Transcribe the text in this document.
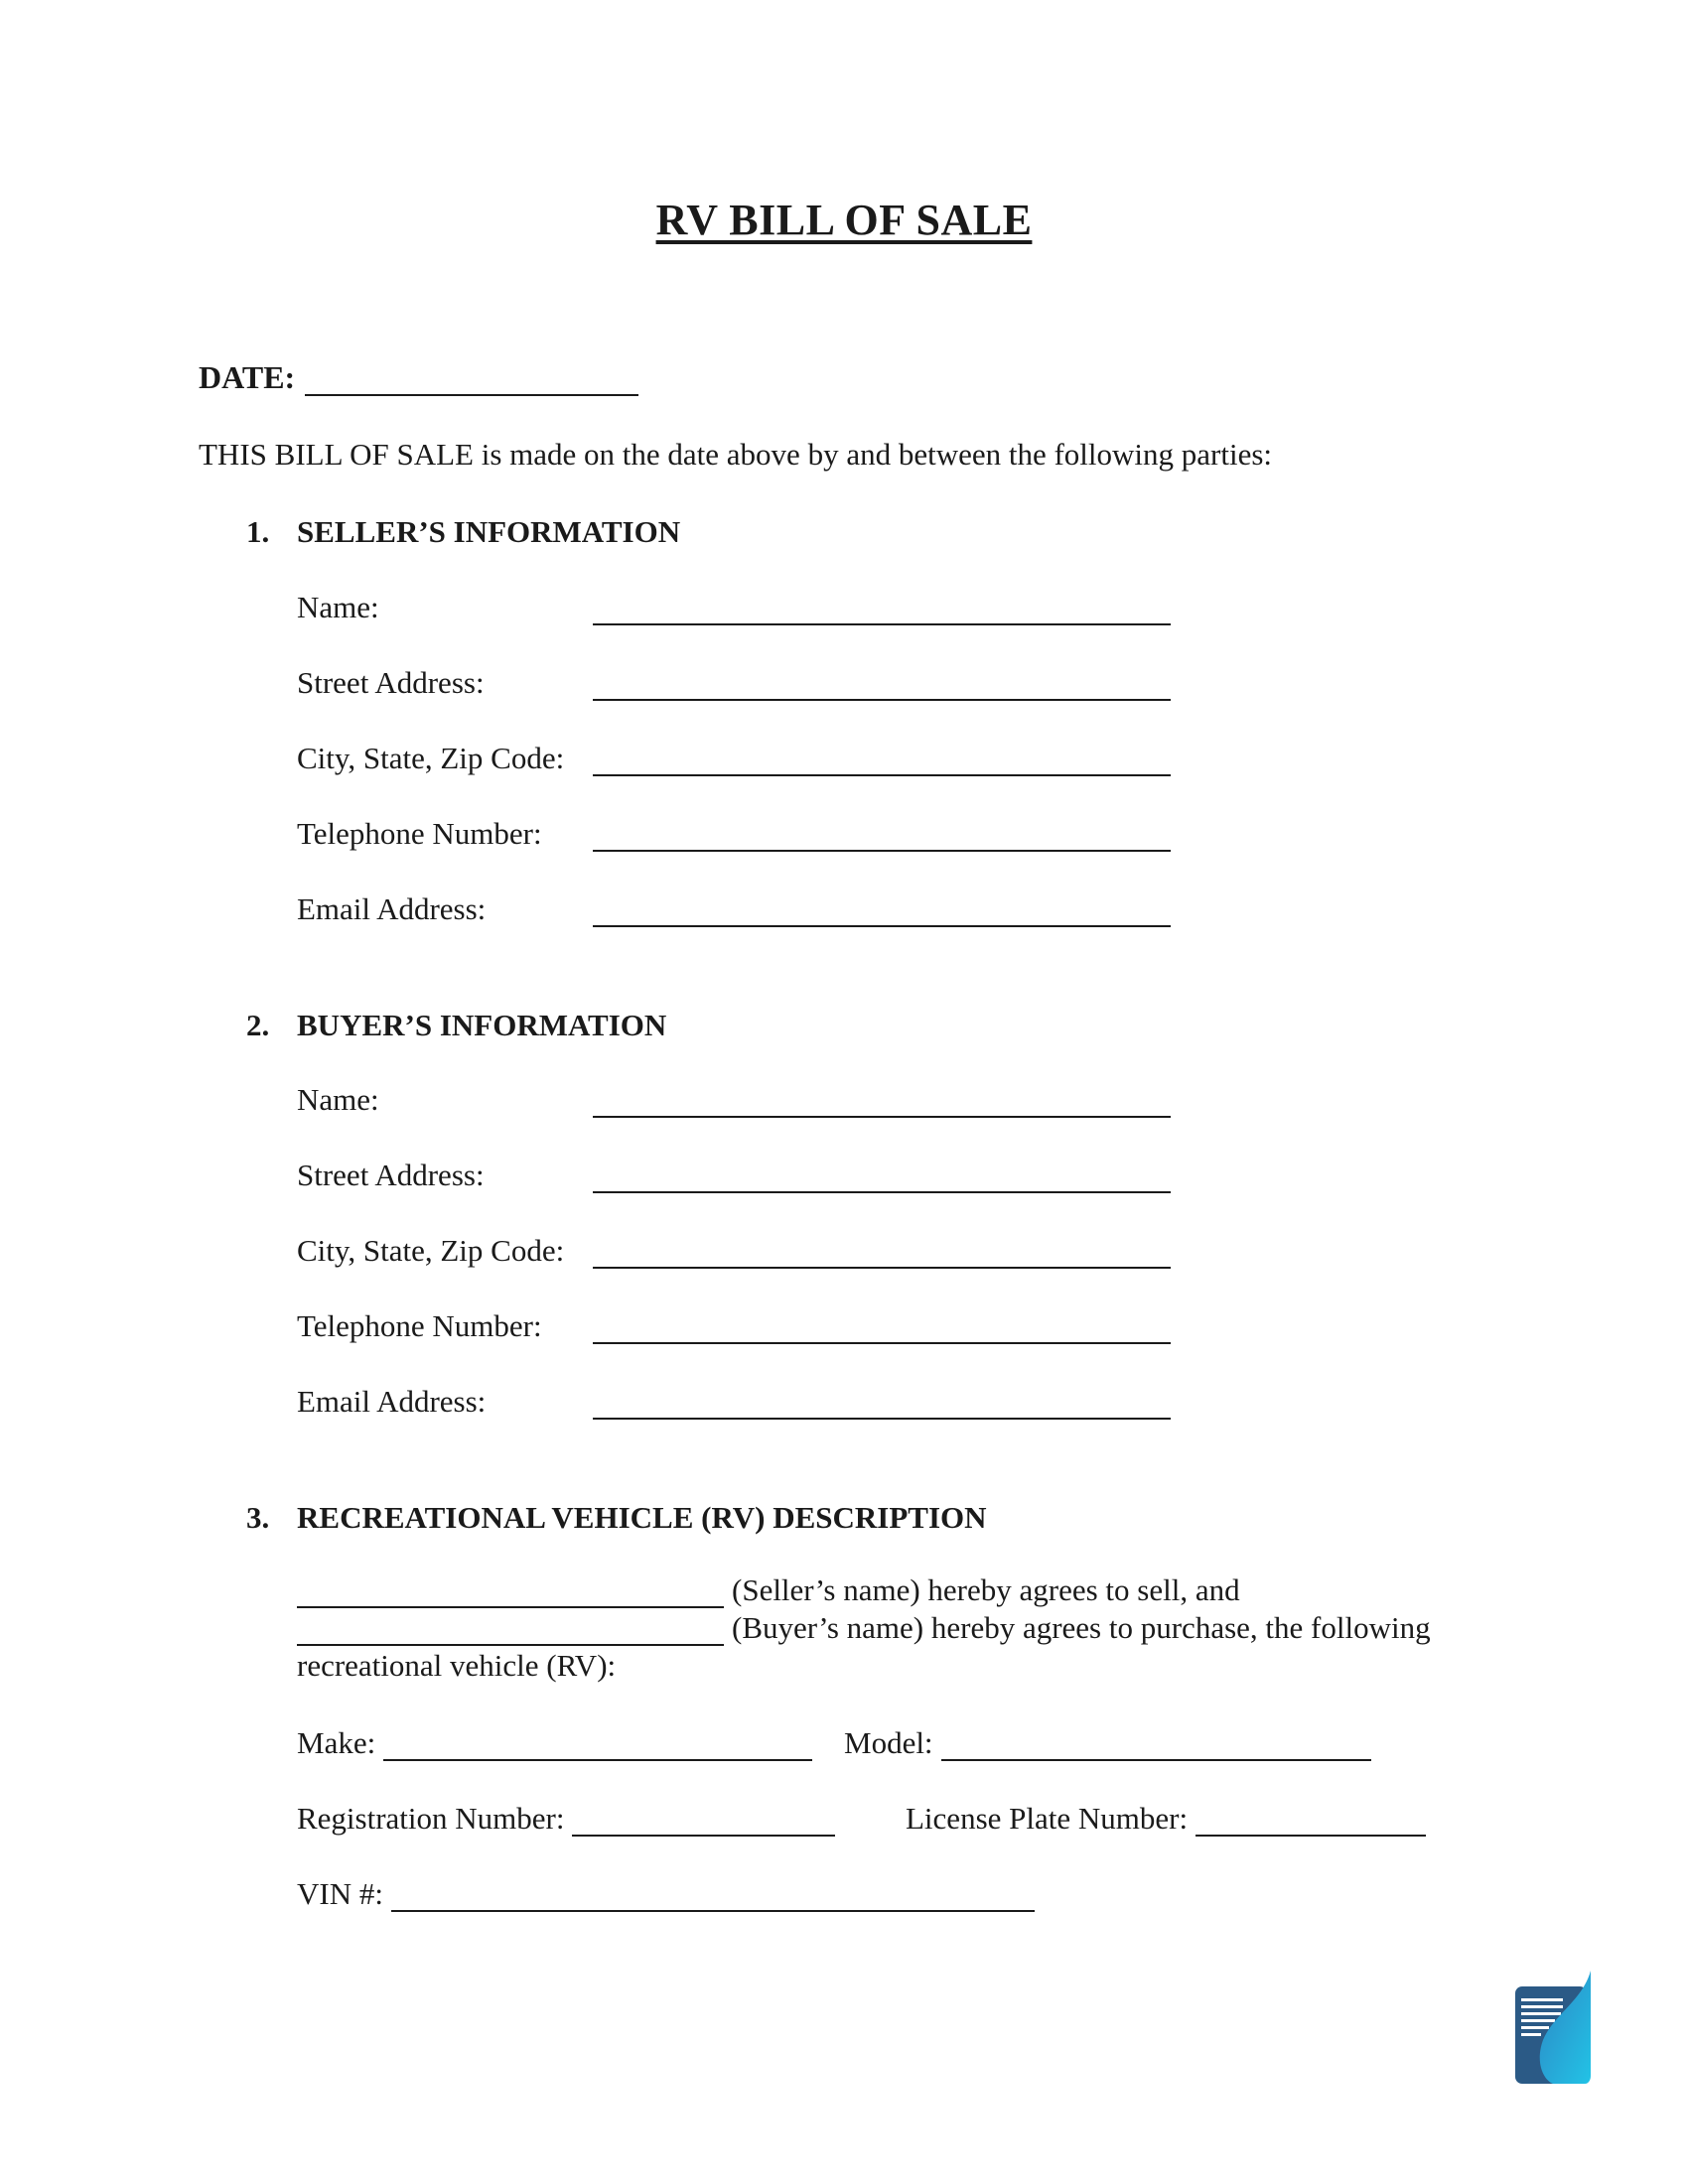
RV BILL OF SALE
DATE:
THIS BILL OF SALE is made on the date above by and between the following parties:
1. SELLER’S INFORMATION
Name:
Street Address:
City, State, Zip Code:
Telephone Number:
Email Address:
2. BUYER’S INFORMATION
Name:
Street Address:
City, State, Zip Code:
Telephone Number:
Email Address:
3. RECREATIONAL VEHICLE (RV) DESCRIPTION
(Seller’s name) hereby agrees to sell, and
(Buyer’s name) hereby agrees to purchase, the following
recreational vehicle (RV):
Make:	Model:
Registration Number:	License Plate Number:
VIN #:
